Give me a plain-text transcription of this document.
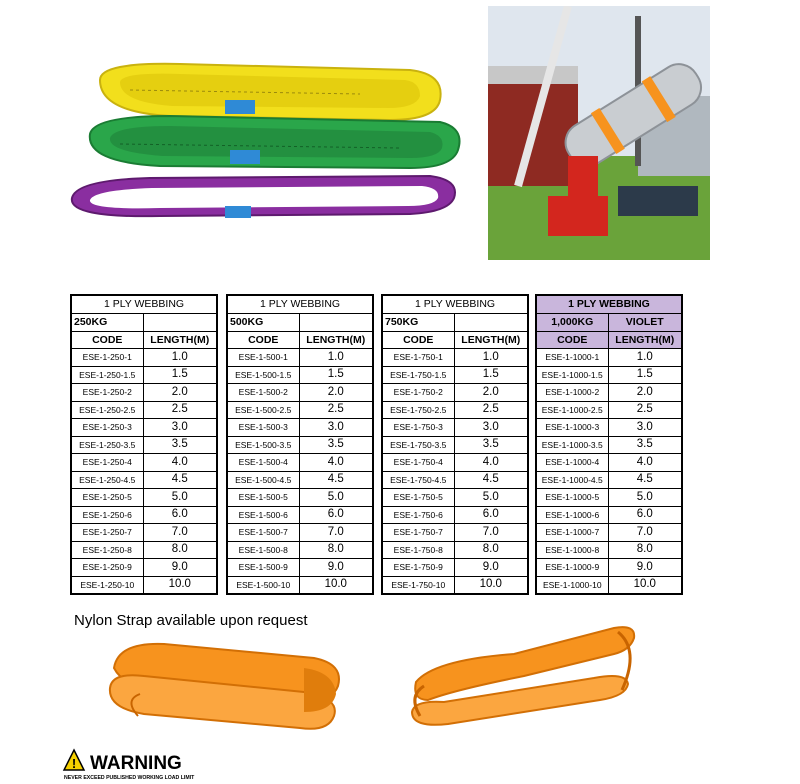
1 PLY WEBBING	
250KG	
CODE	LENGTH(M)
ESE-1-250-1	1.0
ESE-1-250-1.5	1.5
ESE-1-250-2	2.0
ESE-1-250-2.5	2.5
ESE-1-250-3	3.0
ESE-1-250-3.5	3.5
ESE-1-250-4	4.0
ESE-1-250-4.5	4.5
ESE-1-250-5	5.0
ESE-1-250-6	6.0
ESE-1-250-7	7.0
ESE-1-250-8	8.0
ESE-1-250-9	9.0
ESE-1-250-10	10.0
1 PLY WEBBING	
500KG	
CODE	LENGTH(M)
ESE-1-500-1	1.0
ESE-1-500-1.5	1.5
ESE-1-500-2	2.0
ESE-1-500-2.5	2.5
ESE-1-500-3	3.0
ESE-1-500-3.5	3.5
ESE-1-500-4	4.0
ESE-1-500-4.5	4.5
ESE-1-500-5	5.0
ESE-1-500-6	6.0
ESE-1-500-7	7.0
ESE-1-500-8	8.0
ESE-1-500-9	9.0
ESE-1-500-10	10.0
1 PLY WEBBING	
750KG	
CODE	LENGTH(M)
ESE-1-750-1	1.0
ESE-1-750-1.5	1.5
ESE-1-750-2	2.0
ESE-1-750-2.5	2.5
ESE-1-750-3	3.0
ESE-1-750-3.5	3.5
ESE-1-750-4	4.0
ESE-1-750-4.5	4.5
ESE-1-750-5	5.0
ESE-1-750-6	6.0
ESE-1-750-7	7.0
ESE-1-750-8	8.0
ESE-1-750-9	9.0
ESE-1-750-10	10.0
1 PLY WEBBING	
1,000KG	VIOLET
CODE	LENGTH(M)
ESE-1-1000-1	1.0
ESE-1-1000-1.5	1.5
ESE-1-1000-2	2.0
ESE-1-1000-2.5	2.5
ESE-1-1000-3	3.0
ESE-1-1000-3.5	3.5
ESE-1-1000-4	4.0
ESE-1-1000-4.5	4.5
ESE-1-1000-5	5.0
ESE-1-1000-6	6.0
ESE-1-1000-7	7.0
ESE-1-1000-8	8.0
ESE-1-1000-9	9.0
ESE-1-1000-10	10.0
Nylon Strap available upon request
! WARNING
NEVER EXCEED PUBLISHED WORKING LOAD LIMIT
